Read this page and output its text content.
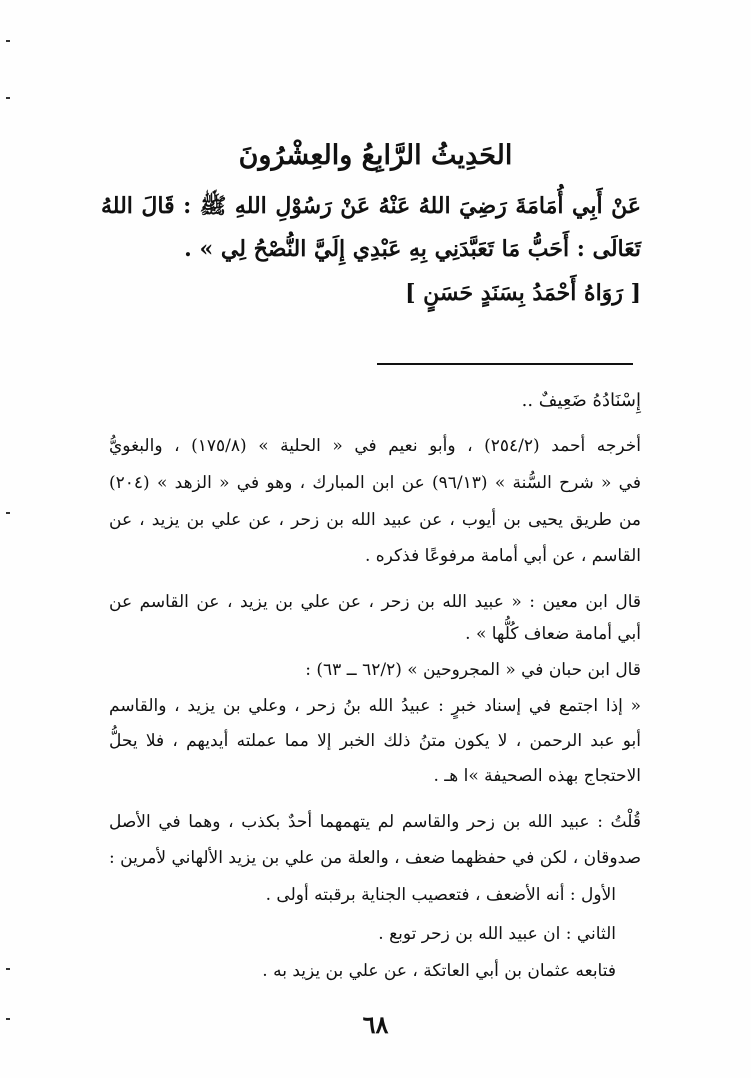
الحَدِيثُ الرَّابِعُ والعِشْرُونَ
عَنْ أَبِي أُمَامَةَ رَضِيَ اللهُ عَنْهُ عَنْ رَسُوْلِ اللهِ ﷺ : قَالَ اللهُ
تَعَالَى : أَحَبُّ مَا تَعَبَّدَنِي بِهِ عَبْدِي إِلَيَّ النُّصْحُ لِي » .
[ رَوَاهُ أَحْمَدُ بِسَنَدٍ حَسَنٍ ]
إِسْنَادُهُ ضَعِيفٌ ..
أخرجه أحمد (٢٥٤/٢) ، وأبو نعيم في « الحلية » (١٧٥/٨) ، والبغويُّ
في « شرح السُّنة » (٩٦/١٣) عن ابن المبارك ، وهو في « الزهد » (٢٠٤)
من طريق يحيى بن أيوب ، عن عبيد الله بن زحر ، عن علي بن يزيد ، عن
القاسم ، عن أبي أمامة مرفوعًا فذكره .
قال ابن معين : « عبيد الله بن زحر ، عن علي بن يزيد ، عن القاسم عن
أبي أمامة ضعاف كُلُّها » .
قال ابن حبان في « المجروحين » (٦٢/٢ ــ ٦٣) :
« إذا اجتمع في إسناد خبرٍ : عبيدُ الله بنُ زحر ، وعلي بن يزيد ، والقاسم
أبو عبد الرحمن ، لا يكون متنُ ذلك الخبر إلا مما عملته أيديهم ، فلا يحلُّ
الاحتجاج بهذه الصحيفة »ا هـ .
قُلْتُ : عبيد الله بن زحر والقاسم لم يتهمهما أحدٌ بكذب ، وهما في الأصل
صدوقان ، لكن في حفظهما ضعف ، والعلة من علي بن يزيد الألهاني لأمرين :
الأول : أنه الأضعف ، فتعصيب الجناية برقبته أولى .
الثاني : ان عبيد الله بن زحر توبع .
فتابعه عثمان بن أبي العاتكة ، عن علي بن يزيد به .
٦٨
